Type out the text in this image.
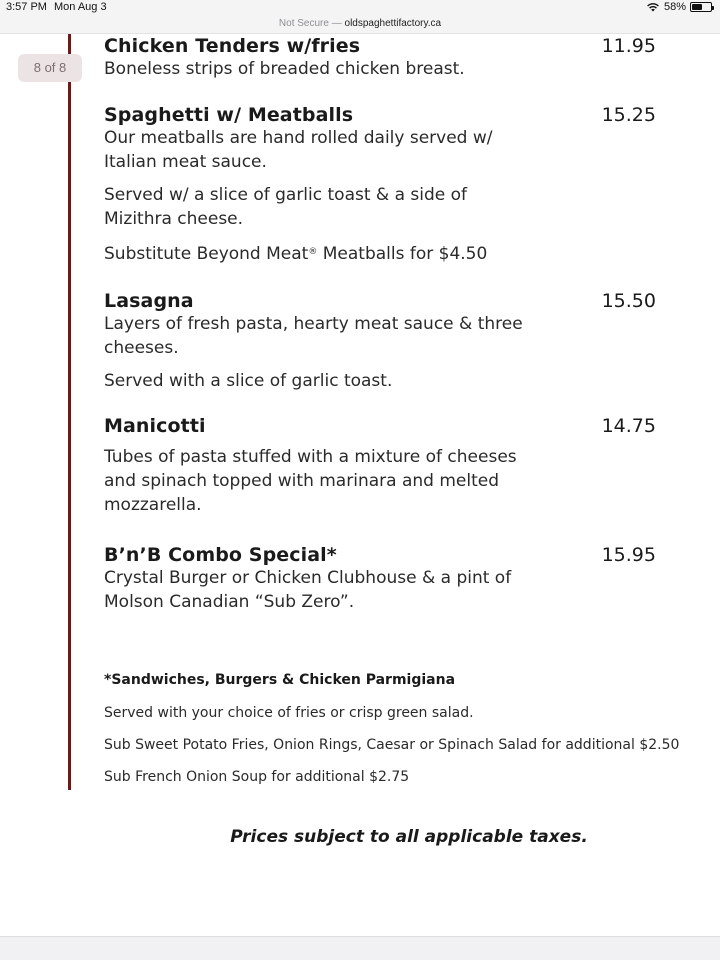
3:57 PM Mon Aug 3	58%
Not Secure — oldspaghettifactory.ca
8 of 8
Chicken Tenders w/fries	11.95
Boneless strips of breaded chicken breast.
Spaghetti w/ Meatballs	15.25
Our meatballs are hand rolled daily served w/ Italian meat sauce.
Served w/ a slice of garlic toast & a side of Mizithra cheese.
Substitute Beyond Meat® Meatballs for $4.50
Lasagna	15.50
Layers of fresh pasta, hearty meat sauce & three cheeses.
Served with a slice of garlic toast.
Manicotti	14.75
Tubes of pasta stuffed with a mixture of cheeses and spinach topped with marinara and melted mozzarella.
B’n’B Combo Special*	15.95
Crystal Burger or Chicken Clubhouse & a pint of Molson Canadian “Sub Zero”.
*Sandwiches, Burgers & Chicken Parmigiana
Served with your choice of fries or crisp green salad.
Sub Sweet Potato Fries, Onion Rings, Caesar or Spinach Salad for additional $2.50
Sub French Onion Soup for additional $2.75
Prices subject to all applicable taxes.
